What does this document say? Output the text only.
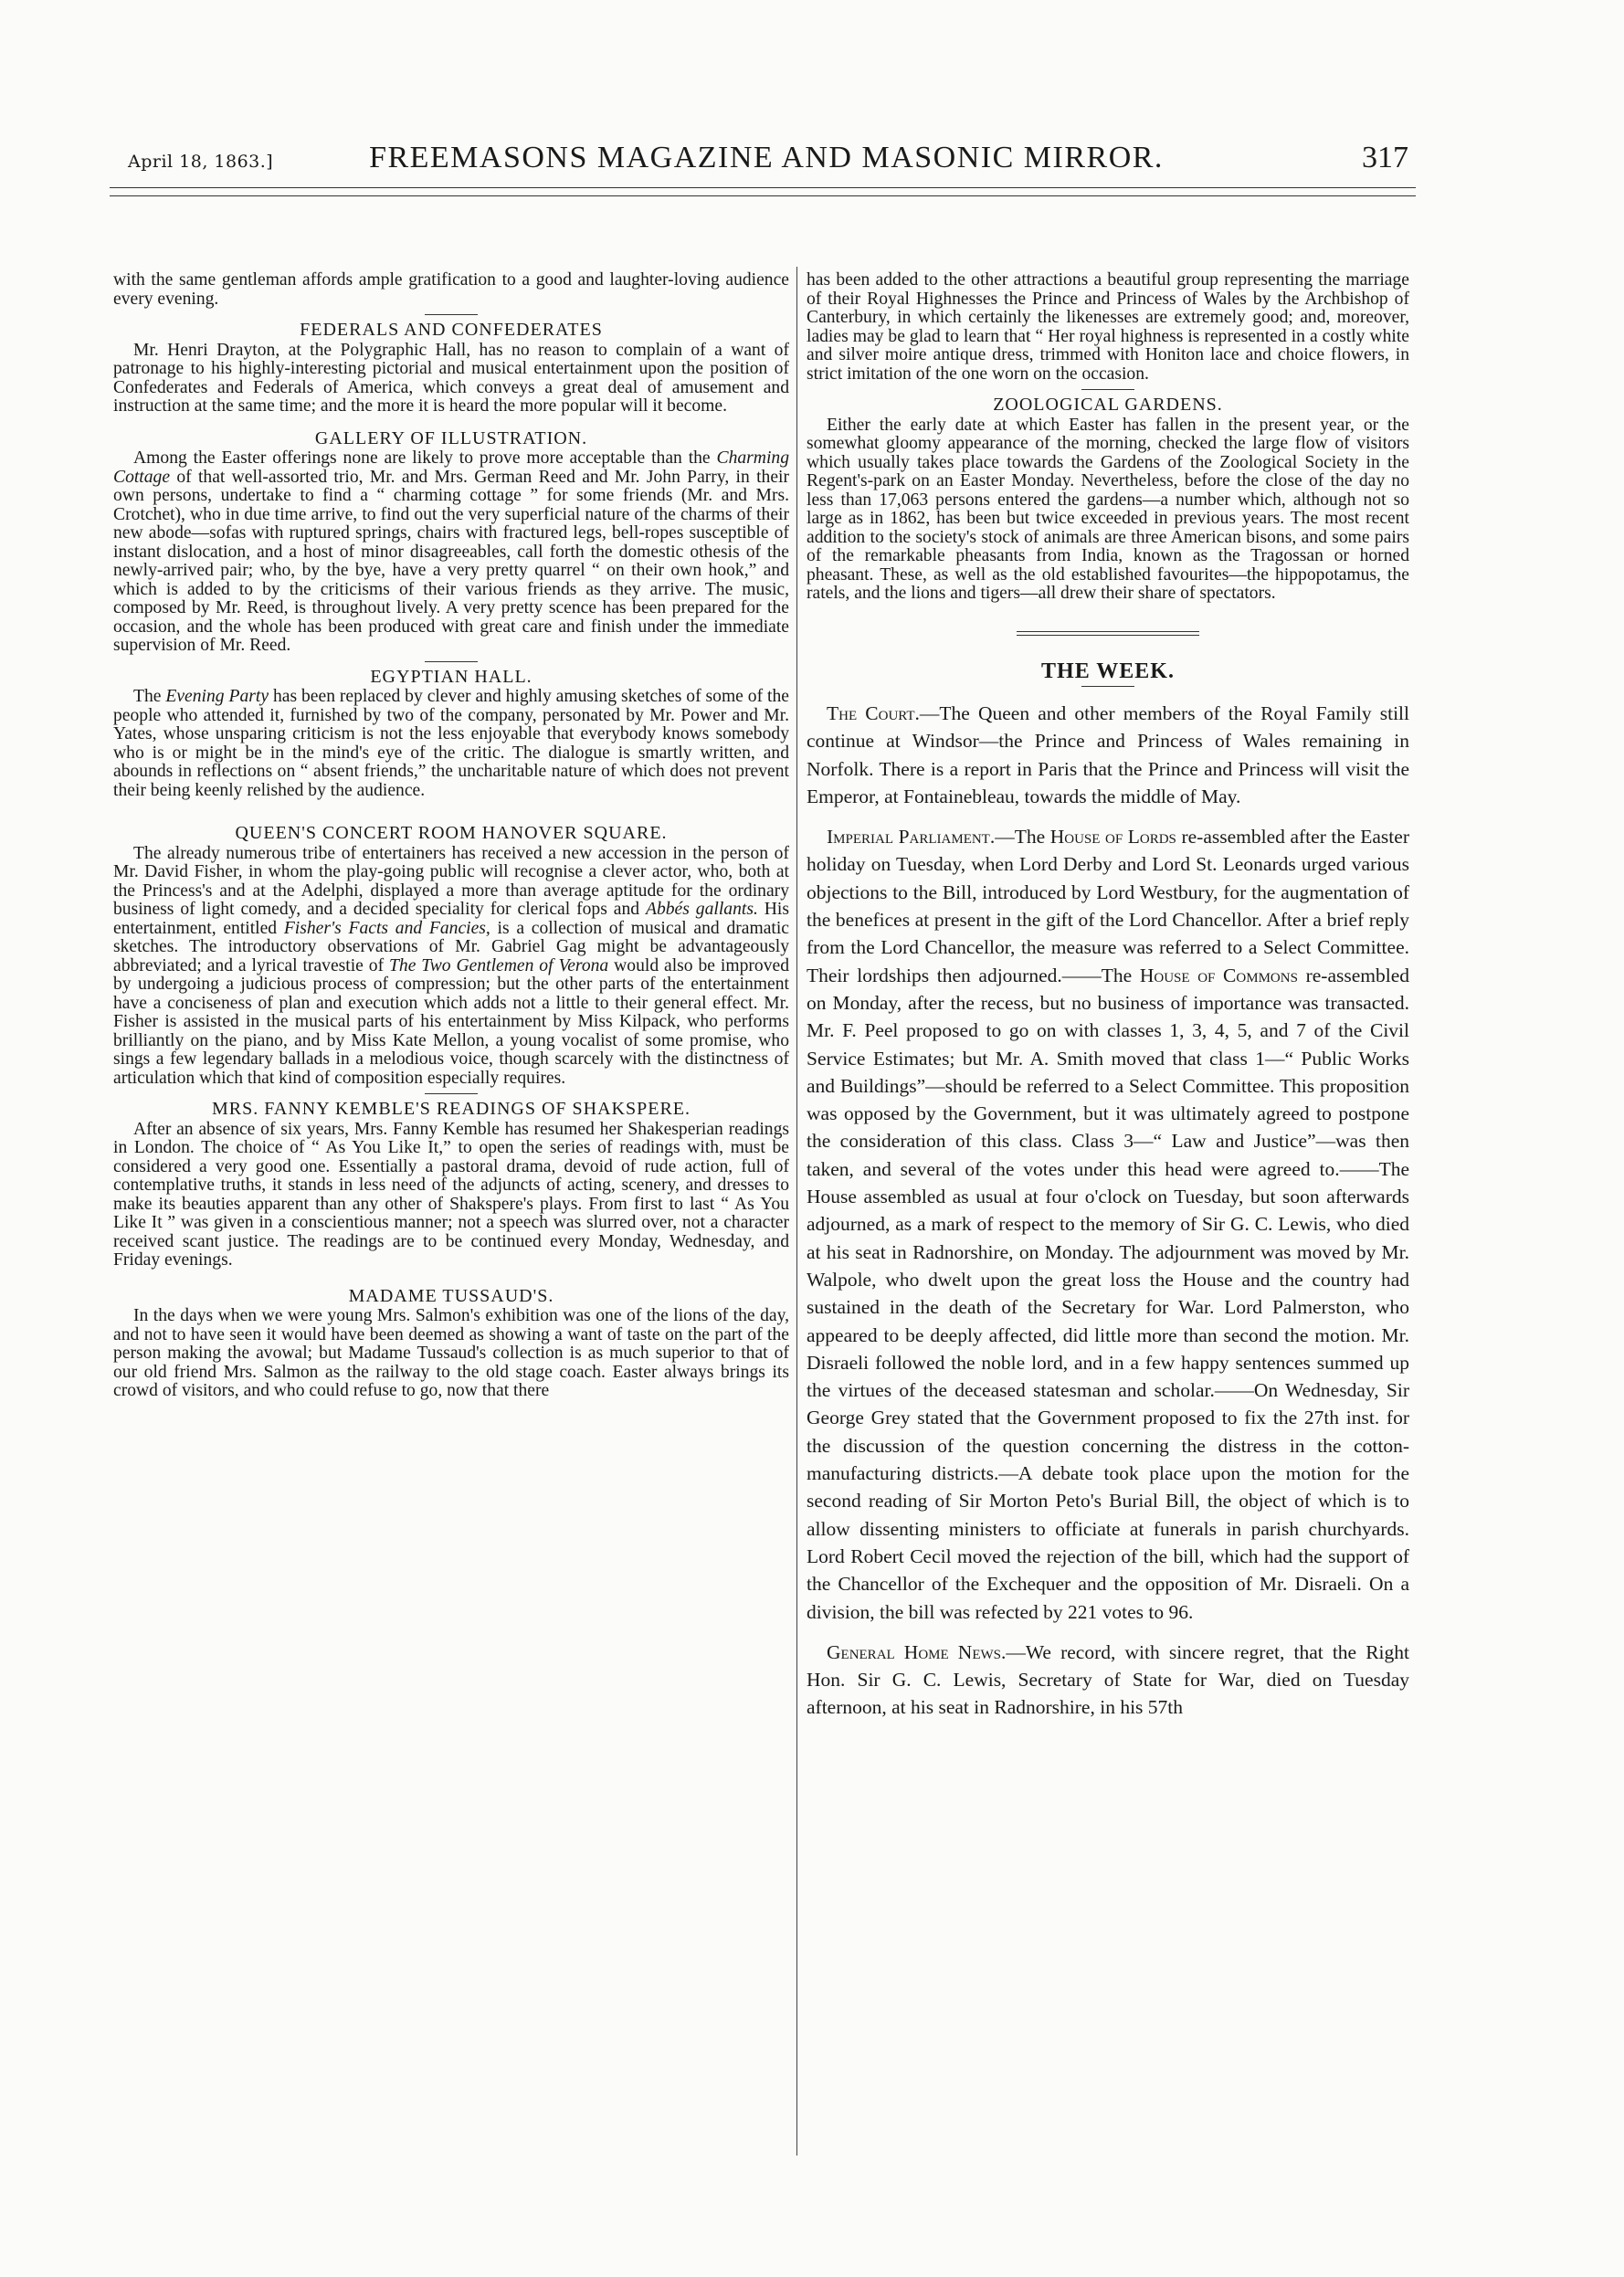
April 18, 1863.]	FREEMASONS MAGAZINE AND MASONIC MIRROR.	317

with the same gentleman affords ample gratification to a good and laughter-loving audience every evening.

FEDERALS AND CONFEDERATES

Mr. Henri Drayton, at the Polygraphic Hall, has no reason to complain of a want of patronage to his highly-interesting pictorial and musical entertainment upon the position of Confederates and Federals of America, which conveys a great deal of amusement and instruction at the same time; and the more it is heard the more popular will it become.

GALLERY OF ILLUSTRATION.

Among the Easter offerings none are likely to prove more acceptable than the Charming Cottage of that well-assorted trio, Mr. and Mrs. German Reed and Mr. John Parry, in their own persons, undertake to find a “ charming cottage ” for some friends (Mr. and Mrs. Crotchet), who in due time arrive, to find out the very superficial nature of the charms of their new abode—sofas with ruptured springs, chairs with fractured legs, bell-ropes susceptible of instant dislocation, and a host of minor disagreeables, call forth the domestic othesis of the newly-arrived pair; who, by the bye, have a very pretty quarrel “ on their own hook,” and which is added to by the criticisms of their various friends as they arrive. The music, composed by Mr. Reed, is throughout lively. A very pretty scence has been prepared for the occasion, and the whole has been produced with great care and finish under the immediate supervision of Mr. Reed.

EGYPTIAN HALL.

The Evening Party has been replaced by clever and highly amusing sketches of some of the people who attended it, furnished by two of the company, personated by Mr. Power and Mr. Yates, whose unsparing criticism is not the less enjoyable that everybody knows somebody who is or might be in the mind's eye of the critic. The dialogue is smartly written, and abounds in reflections on “ absent friends,” the uncharitable nature of which does not prevent their being keenly relished by the audience.

QUEEN'S CONCERT ROOM HANOVER SQUARE.

The already numerous tribe of entertainers has received a new accession in the person of Mr. David Fisher, in whom the play-going public will recognise a clever actor, who, both at the Princess's and at the Adelphi, displayed a more than average aptitude for the ordinary business of light comedy, and a decided speciality for clerical fops and Abbés gallants. His entertainment, entitled Fisher's Facts and Fancies, is a collection of musical and dramatic sketches. The introductory observations of Mr. Gabriel Gag might be advantageously abbreviated; and a lyrical travestie of The Two Gentlemen of Verona would also be improved by undergoing a judicious process of compression; but the other parts of the entertainment have a conciseness of plan and execution which adds not a little to their general effect. Mr. Fisher is assisted in the musical parts of his entertainment by Miss Kilpack, who performs brilliantly on the piano, and by Miss Kate Mellon, a young vocalist of some promise, who sings a few legendary ballads in a melodious voice, though scarcely with the distinctness of articulation which that kind of composition especially requires.

MRS. FANNY KEMBLE'S READINGS OF SHAKSPERE.

After an absence of six years, Mrs. Fanny Kemble has resumed her Shakesperian readings in London. The choice of “ As You Like It,” to open the series of readings with, must be considered a very good one. Essentially a pastoral drama, devoid of rude action, full of contemplative truths, it stands in less need of the adjuncts of acting, scenery, and dresses to make its beauties apparent than any other of Shakspere's plays. From first to last “ As You Like It ” was given in a conscientious manner; not a speech was slurred over, not a character received scant justice. The readings are to be continued every Monday, Wednesday, and Friday evenings.

MADAME TUSSAUD'S.

In the days when we were young Mrs. Salmon's exhibition was one of the lions of the day, and not to have seen it would have been deemed as showing a want of taste on the part of the person making the avowal; but Madame Tussaud's collection is as much superior to that of our old friend Mrs. Salmon as the railway to the old stage coach. Easter always brings its crowd of visitors, and who could refuse to go, now that there

has been added to the other attractions a beautiful group representing the marriage of their Royal Highnesses the Prince and Princess of Wales by the Archbishop of Canterbury, in which certainly the likenesses are extremely good; and, moreover, ladies may be glad to learn that “ Her royal highness is represented in a costly white and silver moire antique dress, trimmed with Honiton lace and choice flowers, in strict imitation of the one worn on the occasion.

ZOOLOGICAL GARDENS.

Either the early date at which Easter has fallen in the present year, or the somewhat gloomy appearance of the morning, checked the large flow of visitors which usually takes place towards the Gardens of the Zoological Society in the Regent's-park on an Easter Monday. Nevertheless, before the close of the day no less than 17,063 persons entered the gardens—a number which, although not so large as in 1862, has been but twice exceeded in previous years. The most recent addition to the society's stock of animals are three American bisons, and some pairs of the remarkable pheasants from India, known as the Tragossan or horned pheasant. These, as well as the old established favourites—the hippopotamus, the ratels, and the lions and tigers—all drew their share of spectators.

THE WEEK.

The Court.—The Queen and other members of the Royal Family still continue at Windsor—the Prince and Princess of Wales remaining in Norfolk. There is a report in Paris that the Prince and Princess will visit the Emperor, at Fontainebleau, towards the middle of May.

Imperial Parliament.—The House of Lords re-assembled after the Easter holiday on Tuesday, when Lord Derby and Lord St. Leonards urged various objections to the Bill, introduced by Lord Westbury, for the augmentation of the benefices at present in the gift of the Lord Chancellor. After a brief reply from the Lord Chancellor, the measure was referred to a Select Committee. Their lordships then adjourned.——The House of Commons re-assembled on Monday, after the recess, but no business of importance was transacted. Mr. F. Peel proposed to go on with classes 1, 3, 4, 5, and 7 of the Civil Service Estimates; but Mr. A. Smith moved that class 1—“ Public Works and Buildings”—should be referred to a Select Committee. This proposition was opposed by the Government, but it was ultimately agreed to postpone the consideration of this class. Class 3—“ Law and Justice”—was then taken, and several of the votes under this head were agreed to.——The House assembled as usual at four o'clock on Tuesday, but soon afterwards adjourned, as a mark of respect to the memory of Sir G. C. Lewis, who died at his seat in Radnorshire, on Monday. The adjournment was moved by Mr. Walpole, who dwelt upon the great loss the House and the country had sustained in the death of the Secretary for War. Lord Palmerston, who appeared to be deeply affected, did little more than second the motion. Mr. Disraeli followed the noble lord, and in a few happy sentences summed up the virtues of the deceased statesman and scholar.——On Wednesday, Sir George Grey stated that the Government proposed to fix the 27th inst. for the discussion of the question concerning the distress in the cotton-manufacturing districts.—A debate took place upon the motion for the second reading of Sir Morton Peto's Burial Bill, the object of which is to allow dissenting ministers to officiate at funerals in parish churchyards. Lord Robert Cecil moved the rejection of the bill, which had the support of the Chancellor of the Exchequer and the opposition of Mr. Disraeli. On a division, the bill was refected by 221 votes to 96.

General Home News.—We record, with sincere regret, that the Right Hon. Sir G. C. Lewis, Secretary of State for War, died on Tuesday afternoon, at his seat in Radnorshire, in his 57th
